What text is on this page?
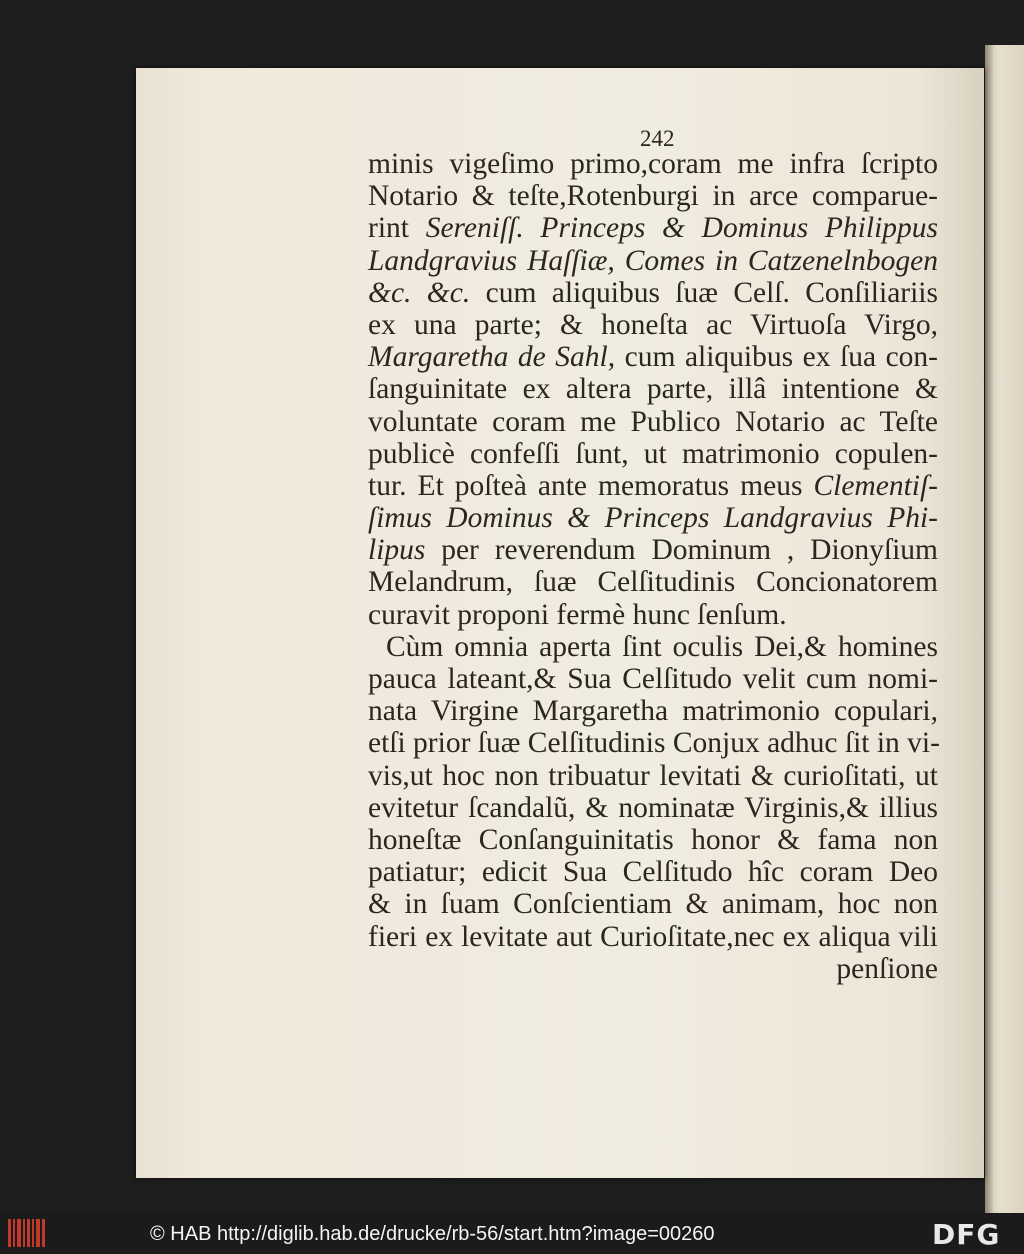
242
minis vigeſimo primo,coram me infra ſcripto
Notario & teſte,Rotenburgi in arce comparue-
rint Sereniſſ. Princeps & Dominus Philippus
Landgravius Haſſiæ, Comes in Catzenelnbogen
&c. &c. cum aliquibus ſuæ Celſ. Conſiliariis
ex una parte; & honeſta ac Virtuoſa Virgo,
Margaretha de Sahl, cum aliquibus ex ſua con-
ſanguinitate ex altera parte, illâ intentione &
voluntate coram me Publico Notario ac Teſte
publicè confeſſi ſunt, ut matrimonio copulen-
tur. Et poſteà ante memoratus meus Clementiſ-
ſimus Dominus & Princeps Landgravius Phi-
lipus per reverendum Dominum , Dionyſium
Melandrum, ſuæ Celſitudinis Concionatorem
curavit proponi fermè hunc ſenſum.
Cùm omnia aperta ſint oculis Dei,& homines
pauca lateant,& Sua Celſitudo velit cum nomi-
nata Virgine Margaretha matrimonio copulari,
etſi prior ſuæ Celſitudinis Conjux adhuc ſit in vi-
vis,ut hoc non tribuatur levitati & curioſitati, ut
evitetur ſcandalũ, & nominatæ Virginis,& illius
honeſtæ Conſanguinitatis honor & fama non
patiatur; edicit Sua Celſitudo hîc coram Deo
& in ſuam Conſcientiam & animam, hoc non
fieri ex levitate aut Curioſitate,nec ex aliqua vili
penſione
© HAB http://diglib.hab.de/drucke/rb-56/start.htm?image=00260	DFG
